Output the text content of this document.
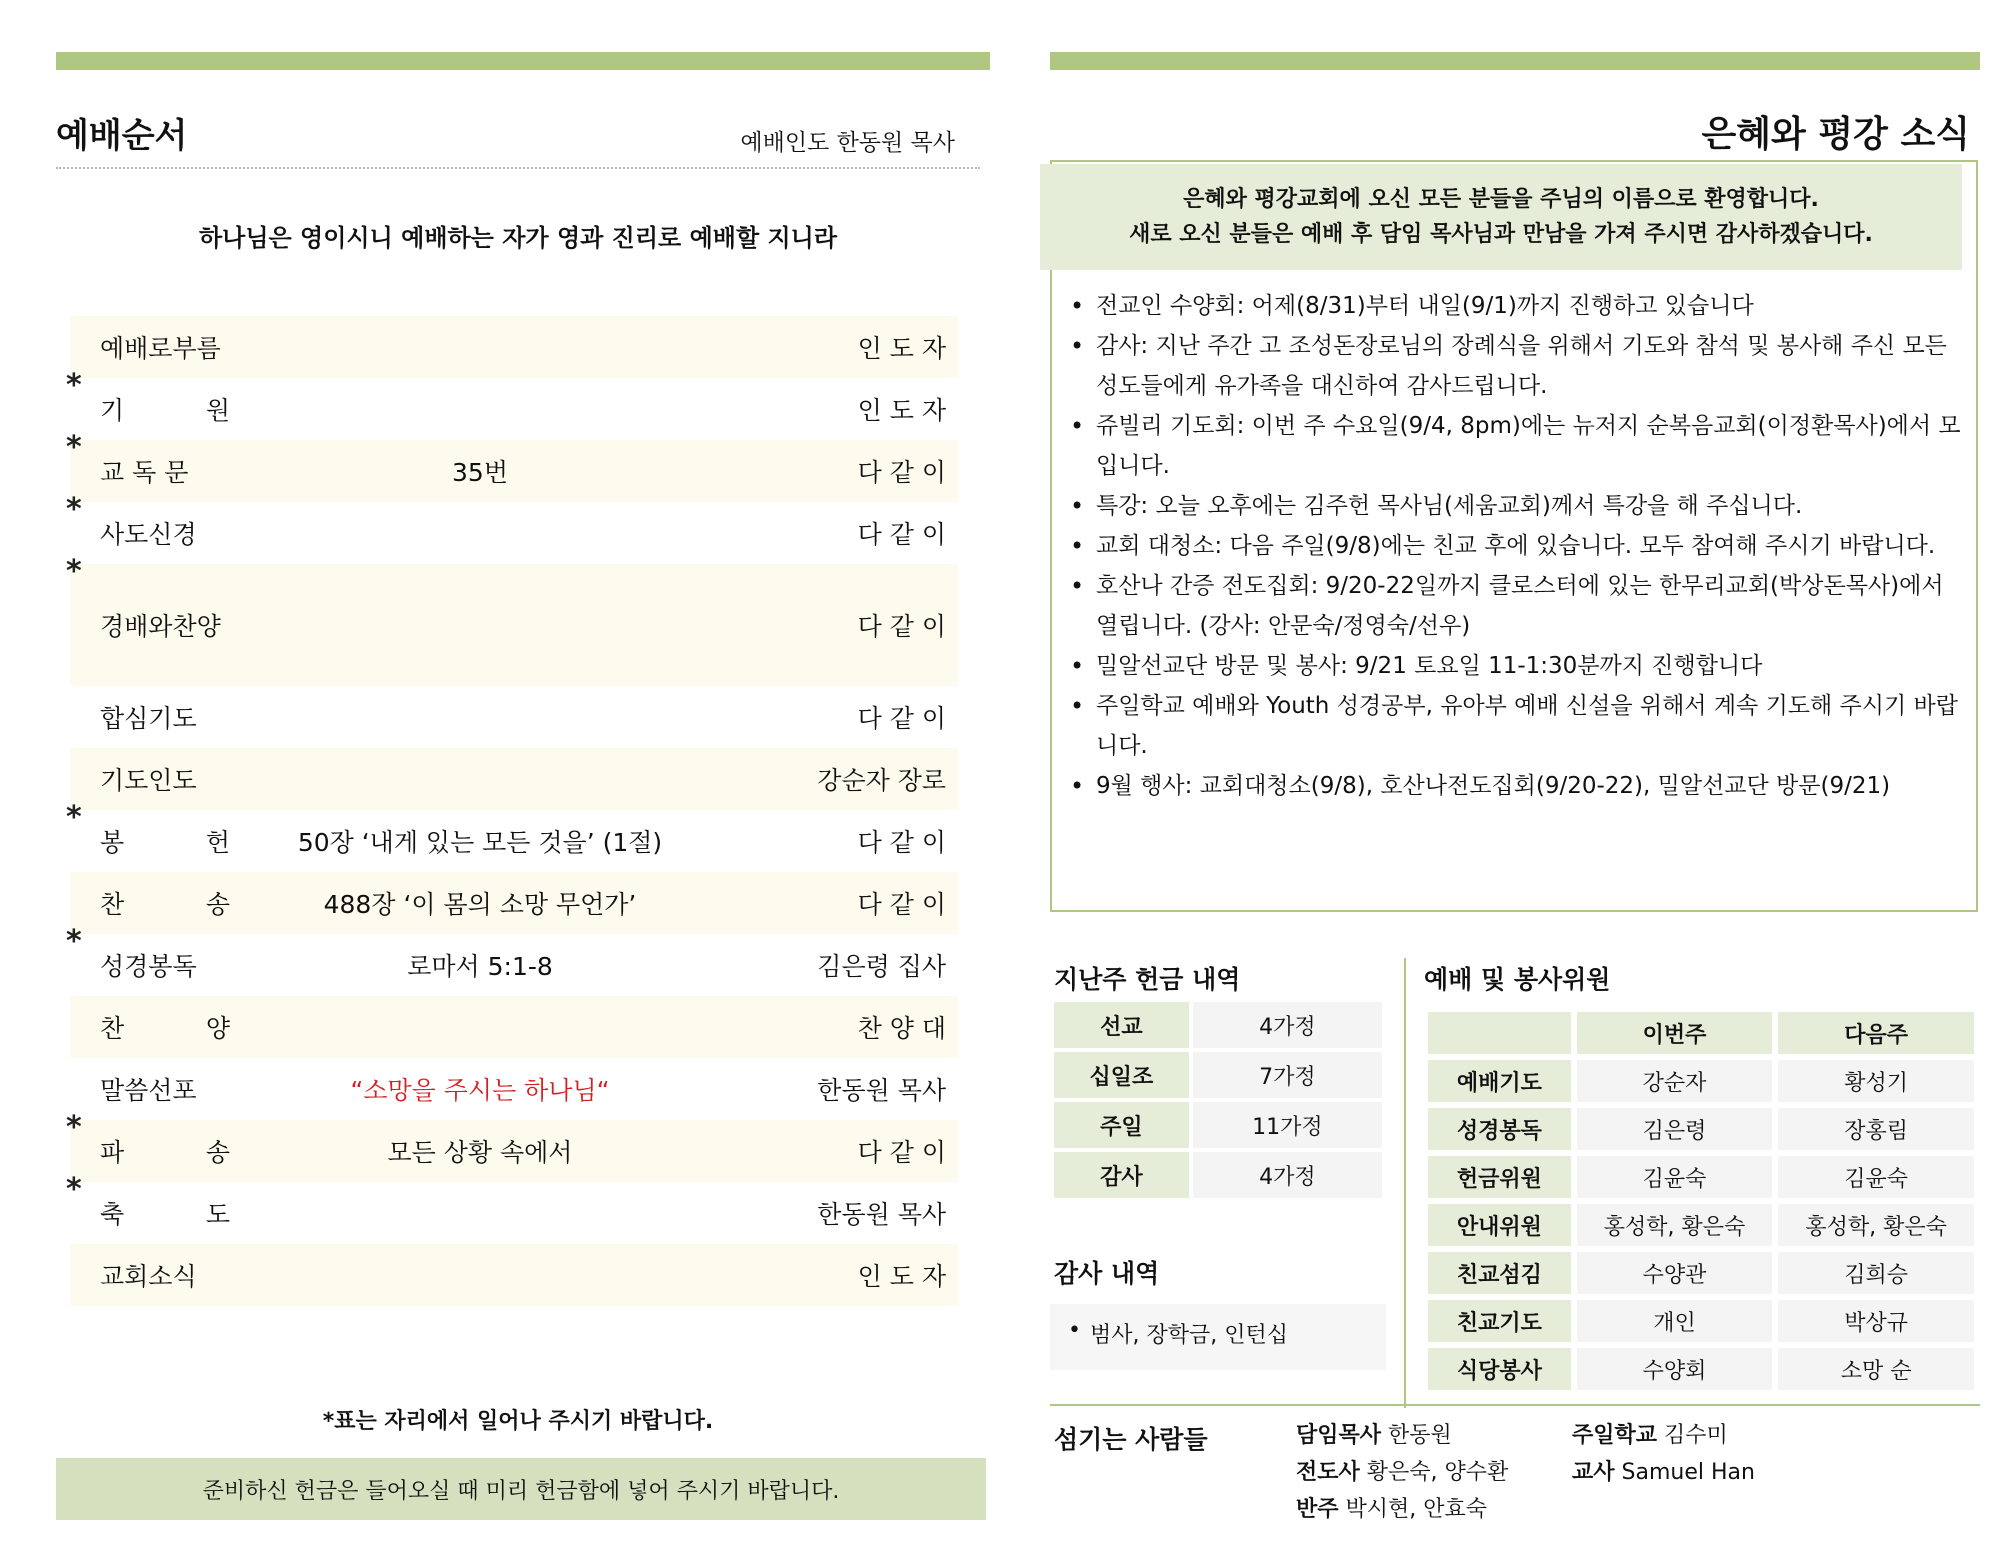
예배순서	예배인도 한동원 목사
하나님은 영이시니 예배하는 자가 영과 진리로 예배할 지니라
예배로부름	인 도 자
*
기	원	인 도 자
*
교 독 문	35번	다 같 이
*
사도신경	다 같 이
*
경배와찬양	다 같 이
합심기도	다 같 이
기도인도	강순자 장로
*
봉	헌	50장 ‘내게 있는 모든 것을’ (1절)	다 같 이
찬	송	488장 ‘이 몸의 소망 무언가’	다 같 이
*
성경봉독	로마서 5:1-8	김은령 집사
찬	양	찬 양 대
말씀선포	“소망을 주시는 하나님“	한동원 목사
*
파	송	모든 상황 속에서	다 같 이
*
축	도	한동원 목사
교회소식	인 도 자
*표는 자리에서 일어나 주시기 바랍니다.
준비하신 헌금은 들어오실 때 미리 헌금함에 넣어 주시기 바랍니다.
은혜와 평강 소식
은혜와 평강교회에 오신 모든 분들을 주님의 이름으로 환영합니다.
새로 오신 분들은 예배 후 담임 목사님과 만남을 가져 주시면 감사하겠습니다.
• 전교인 수양회: 어제(8/31)부터 내일(9/1)까지 진행하고 있습니다
• 감사: 지난 주간 고 조성돈장로님의 장례식을 위해서 기도와 참석 및 봉사해 주신 모든 성도들에게 유가족을 대신하여 감사드립니다.
• 쥬빌리 기도회: 이번 주 수요일(9/4, 8pm)에는 뉴저지 순복음교회(이정환목사)에서 모입니다.
• 특강: 오늘 오후에는 김주헌 목사님(세움교회)께서 특강을 해 주십니다.
• 교회 대청소: 다음 주일(9/8)에는 친교 후에 있습니다. 모두 참여해 주시기 바랍니다.
• 호산나 간증 전도집회: 9/20-22일까지 클로스터에 있는 한무리교회(박상돈목사)에서 열립니다. (강사: 안문숙/정영숙/선우)
• 밀알선교단 방문 및 봉사: 9/21 토요일 11-1:30분까지 진행합니다
• 주일학교 예배와 Youth 성경공부, 유아부 예배 신설을 위해서 계속 기도해 주시기 바랍니다.
• 9월 행사: 교회대청소(9/8), 호산나전도집회(9/20-22), 밀알선교단 방문(9/21)
지난주 헌금 내역
선교	4가정
십일조	7가정
주일	11가정
감사	4가정
감사 내역
• 범사, 장학금, 인턴십
예배 및 봉사위원
	이번주	다음주
예배기도	강순자	황성기
성경봉독	김은령	장홍림
헌금위원	김윤숙	김윤숙
안내위원	홍성학, 황은숙	홍성학, 황은숙
친교섬김	수양관	김희승
친교기도	개인	박상규
식당봉사	수양회	소망 순
섬기는 사람들	담임목사 한동원
전도사 황은숙, 양수환
반주 박시현, 안효숙
주일학교 김수미
교사 Samuel Han
